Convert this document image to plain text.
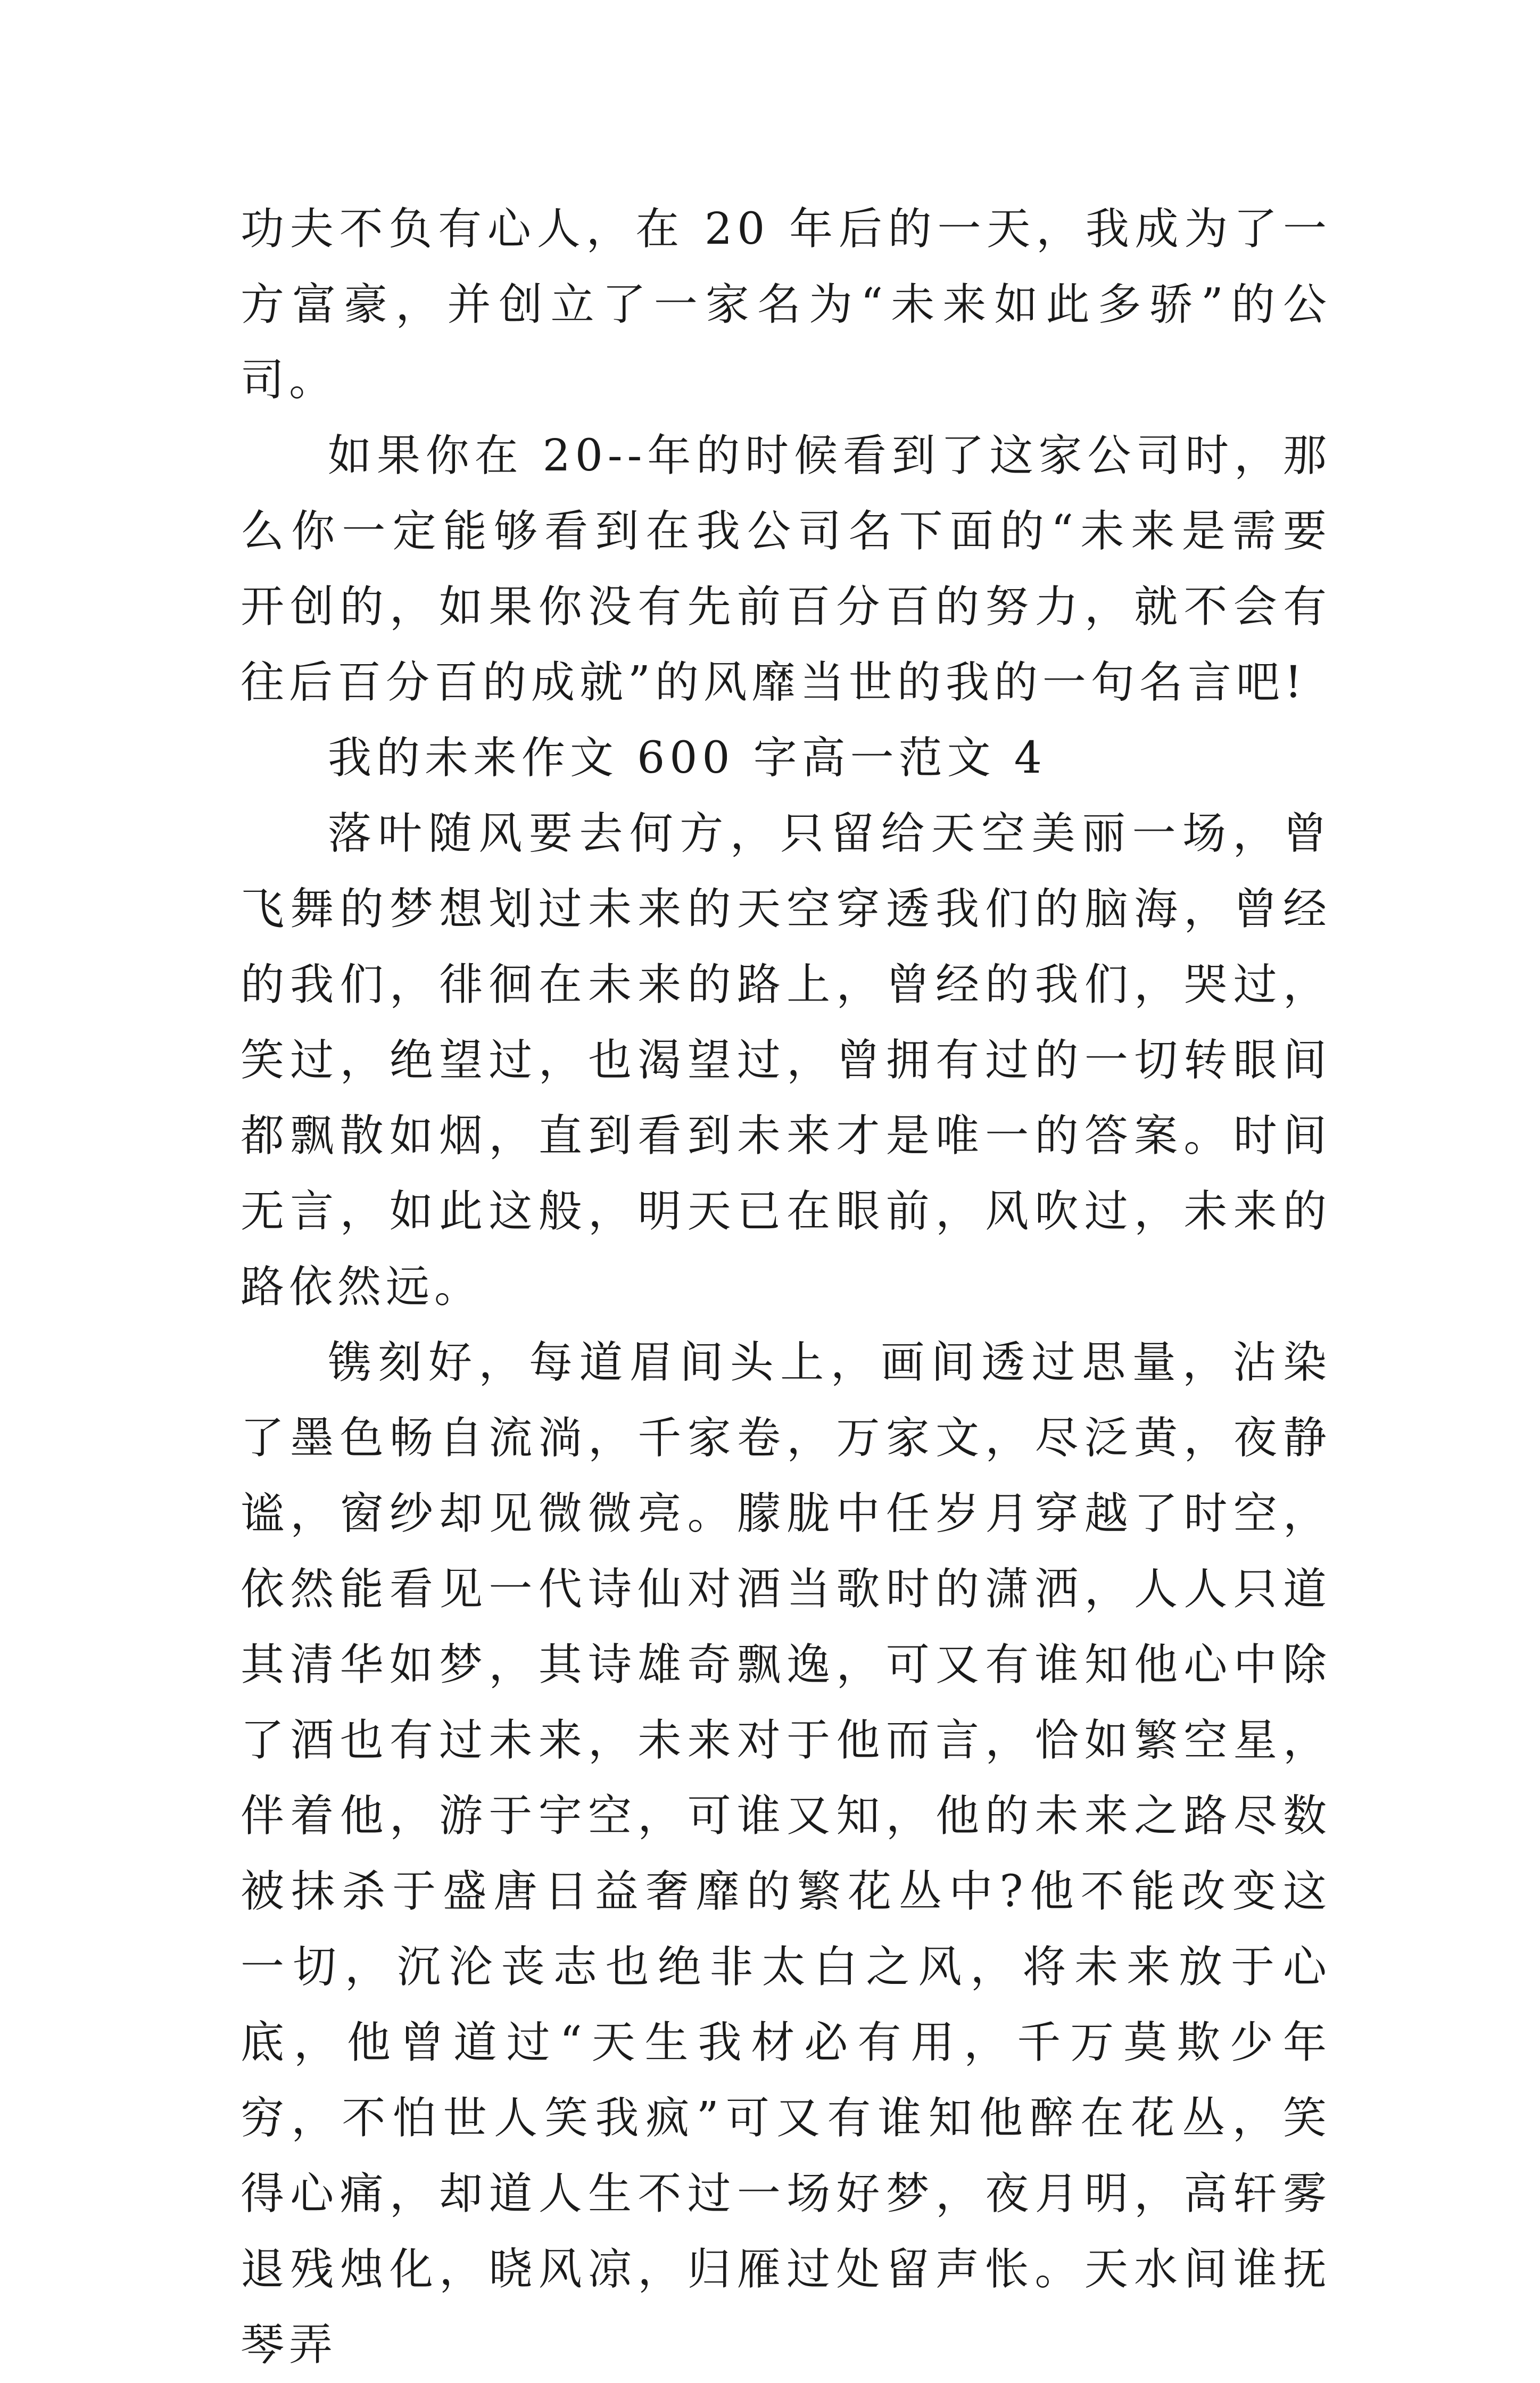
功夫不负有心人，在 20 年后的一天，我成为了一方富豪，并创立了一家名为“未来如此多骄”的公司。

如果你在 20--年的时候看到了这家公司时，那么你一定能够看到在我公司名下面的“未来是需要开创的，如果你没有先前百分百的努力，就不会有往后百分百的成就”的风靡当世的我的一句名言吧!

我的未来作文 600 字高一范文 4

落叶随风要去何方，只留给天空美丽一场，曾飞舞的梦想划过未来的天空穿透我们的脑海，曾经的我们，徘徊在未来的路上，曾经的我们，哭过，笑过，绝望过，也渴望过，曾拥有过的一切转眼间都飘散如烟，直到看到未来才是唯一的答案。时间无言，如此这般，明天已在眼前，风吹过，未来的路依然远。

镌刻好，每道眉间头上，画间透过思量，沾染了墨色畅自流淌，千家卷，万家文，尽泛黄，夜静谧，窗纱却见微微亮。朦胧中任岁月穿越了时空，依然能看见一代诗仙对酒当歌时的潇洒，人人只道其清华如梦，其诗雄奇飘逸，可又有谁知他心中除了酒也有过未来，未来对于他而言，恰如繁空星，伴着他，游于宇空，可谁又知，他的未来之路尽数被抹杀于盛唐日益奢靡的繁花丛中?他不能改变这一切，沉沦丧志也绝非太白之风，将未来放于心底，他曾道过“天生我材必有用，千万莫欺少年穷，不怕世人笑我疯”可又有谁知他醉在花丛，笑得心痛，却道人生不过一场好梦，夜月明，高轩雾退残烛化，晓风凉，归雁过处留声怅。天水间谁抚琴弄
